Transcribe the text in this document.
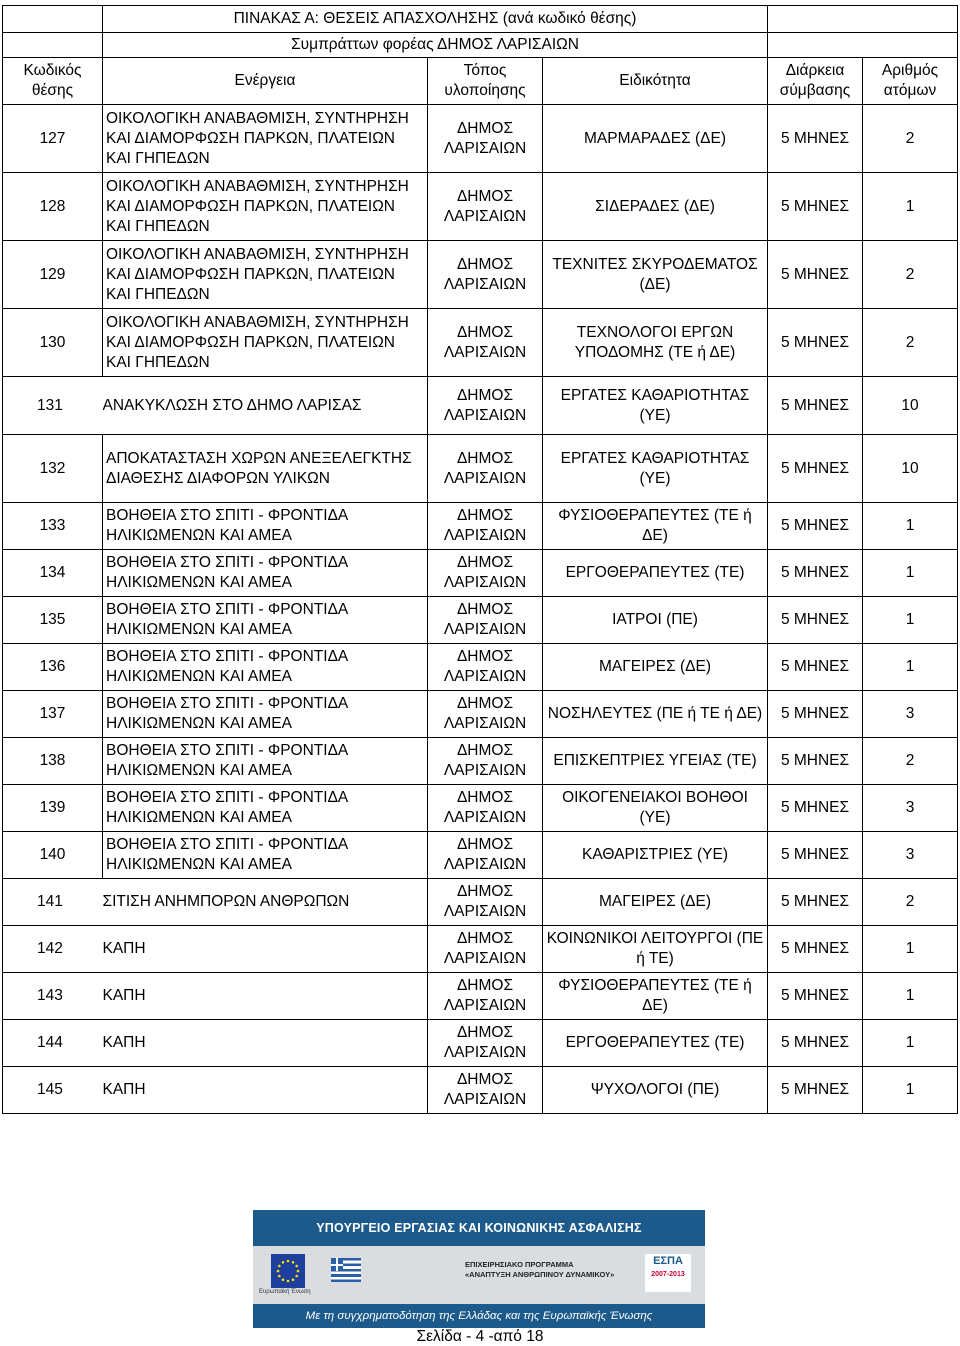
	ΠΙΝΑΚΑΣ Α: ΘΕΣΕΙΣ ΑΠΑΣΧΟΛΗΣΗΣ (ανά κωδικό θέσης)				
	Συμπράττων φορέας ΔΗΜΟΣ ΛΑΡΙΣΑΙΩΝ				
Κωδικός θέσης	Ενέργεια	Τόπος υλοποίησης	Ειδικότητα	Διάρκεια σύμβασης	Αριθμός ατόμων
127	ΟΙΚΟΛΟΓΙΚΗ ΑΝΑΒΑΘΜΙΣΗ, ΣΥΝΤΗΡΗΣΗ ΚΑΙ ΔΙΑΜΟΡΦΩΣΗ ΠΑΡΚΩΝ, ΠΛΑΤΕΙΩΝ ΚΑΙ ΓΗΠΕΔΩΝ	ΔΗΜΟΣ ΛΑΡΙΣΑΙΩΝ	ΜΑΡΜΑΡΑΔΕΣ (ΔΕ)	5 ΜΗΝΕΣ	2
128	ΟΙΚΟΛΟΓΙΚΗ ΑΝΑΒΑΘΜΙΣΗ, ΣΥΝΤΗΡΗΣΗ ΚΑΙ ΔΙΑΜΟΡΦΩΣΗ ΠΑΡΚΩΝ, ΠΛΑΤΕΙΩΝ ΚΑΙ ΓΗΠΕΔΩΝ	ΔΗΜΟΣ ΛΑΡΙΣΑΙΩΝ	ΣΙΔΕΡΑΔΕΣ (ΔΕ)	5 ΜΗΝΕΣ	1
129	ΟΙΚΟΛΟΓΙΚΗ ΑΝΑΒΑΘΜΙΣΗ, ΣΥΝΤΗΡΗΣΗ ΚΑΙ ΔΙΑΜΟΡΦΩΣΗ ΠΑΡΚΩΝ, ΠΛΑΤΕΙΩΝ ΚΑΙ ΓΗΠΕΔΩΝ	ΔΗΜΟΣ ΛΑΡΙΣΑΙΩΝ	ΤΕΧΝΙΤΕΣ ΣΚΥΡΟΔΕΜΑΤΟΣ (ΔΕ)	5 ΜΗΝΕΣ	2
130	ΟΙΚΟΛΟΓΙΚΗ ΑΝΑΒΑΘΜΙΣΗ, ΣΥΝΤΗΡΗΣΗ ΚΑΙ ΔΙΑΜΟΡΦΩΣΗ ΠΑΡΚΩΝ, ΠΛΑΤΕΙΩΝ ΚΑΙ ΓΗΠΕΔΩΝ	ΔΗΜΟΣ ΛΑΡΙΣΑΙΩΝ	ΤΕΧΝΟΛΟΓΟΙ ΕΡΓΩΝ ΥΠΟΔΟΜΗΣ (ΤΕ ή ΔΕ)	5 ΜΗΝΕΣ	2
131	ΑΝΑΚΥΚΛΩΣΗ ΣΤΟ ΔΗΜΟ ΛΑΡΙΣΑΣ	ΔΗΜΟΣ ΛΑΡΙΣΑΙΩΝ	ΕΡΓΑΤΕΣ ΚΑΘΑΡΙΟΤΗΤΑΣ (ΥΕ)	5 ΜΗΝΕΣ	10
132	ΑΠΟΚΑΤΑΣΤΑΣΗ ΧΩΡΩΝ ΑΝΕΞΕΛΕΓΚΤΗΣ ΔΙΑΘΕΣΗΣ ΔΙΑΦΟΡΩΝ ΥΛΙΚΩΝ	ΔΗΜΟΣ ΛΑΡΙΣΑΙΩΝ	ΕΡΓΑΤΕΣ ΚΑΘΑΡΙΟΤΗΤΑΣ (ΥΕ)	5 ΜΗΝΕΣ	10
133	ΒΟΗΘΕΙΑ ΣΤΟ ΣΠΙΤΙ - ΦΡΟΝΤΙΔΑ ΗΛΙΚΙΩΜΕΝΩΝ ΚΑΙ ΑΜΕΑ	ΔΗΜΟΣ ΛΑΡΙΣΑΙΩΝ	ΦΥΣΙΟΘΕΡΑΠΕΥΤΕΣ (ΤΕ ή ΔΕ)	5 ΜΗΝΕΣ	1
134	ΒΟΗΘΕΙΑ ΣΤΟ ΣΠΙΤΙ - ΦΡΟΝΤΙΔΑ ΗΛΙΚΙΩΜΕΝΩΝ ΚΑΙ ΑΜΕΑ	ΔΗΜΟΣ ΛΑΡΙΣΑΙΩΝ	ΕΡΓΟΘΕΡΑΠΕΥΤΕΣ (ΤΕ)	5 ΜΗΝΕΣ	1
135	ΒΟΗΘΕΙΑ ΣΤΟ ΣΠΙΤΙ - ΦΡΟΝΤΙΔΑ ΗΛΙΚΙΩΜΕΝΩΝ ΚΑΙ ΑΜΕΑ	ΔΗΜΟΣ ΛΑΡΙΣΑΙΩΝ	ΙΑΤΡΟΙ (ΠΕ)	5 ΜΗΝΕΣ	1
136	ΒΟΗΘΕΙΑ ΣΤΟ ΣΠΙΤΙ - ΦΡΟΝΤΙΔΑ ΗΛΙΚΙΩΜΕΝΩΝ ΚΑΙ ΑΜΕΑ	ΔΗΜΟΣ ΛΑΡΙΣΑΙΩΝ	ΜΑΓΕΙΡΕΣ (ΔΕ)	5 ΜΗΝΕΣ	1
137	ΒΟΗΘΕΙΑ ΣΤΟ ΣΠΙΤΙ - ΦΡΟΝΤΙΔΑ ΗΛΙΚΙΩΜΕΝΩΝ ΚΑΙ ΑΜΕΑ	ΔΗΜΟΣ ΛΑΡΙΣΑΙΩΝ	ΝΟΣΗΛΕΥΤΕΣ (ΠΕ ή ΤΕ ή ΔΕ)	5 ΜΗΝΕΣ	3
138	ΒΟΗΘΕΙΑ ΣΤΟ ΣΠΙΤΙ - ΦΡΟΝΤΙΔΑ ΗΛΙΚΙΩΜΕΝΩΝ ΚΑΙ ΑΜΕΑ	ΔΗΜΟΣ ΛΑΡΙΣΑΙΩΝ	ΕΠΙΣΚΕΠΤΡΙΕΣ ΥΓΕΙΑΣ (ΤΕ)	5 ΜΗΝΕΣ	2
139	ΒΟΗΘΕΙΑ ΣΤΟ ΣΠΙΤΙ - ΦΡΟΝΤΙΔΑ ΗΛΙΚΙΩΜΕΝΩΝ ΚΑΙ ΑΜΕΑ	ΔΗΜΟΣ ΛΑΡΙΣΑΙΩΝ	ΟΙΚΟΓΕΝΕΙΑΚΟΙ ΒΟΗΘΟΙ (ΥΕ)	5 ΜΗΝΕΣ	3
140	ΒΟΗΘΕΙΑ ΣΤΟ ΣΠΙΤΙ - ΦΡΟΝΤΙΔΑ ΗΛΙΚΙΩΜΕΝΩΝ ΚΑΙ ΑΜΕΑ	ΔΗΜΟΣ ΛΑΡΙΣΑΙΩΝ	ΚΑΘΑΡΙΣΤΡΙΕΣ (ΥΕ)	5 ΜΗΝΕΣ	3
141	ΣΙΤΙΣΗ ΑΝΗΜΠΟΡΩΝ ΑΝΘΡΩΠΩΝ	ΔΗΜΟΣ ΛΑΡΙΣΑΙΩΝ	ΜΑΓΕΙΡΕΣ (ΔΕ)	5 ΜΗΝΕΣ	2
142	ΚΑΠΗ	ΔΗΜΟΣ ΛΑΡΙΣΑΙΩΝ	ΚΟΙΝΩΝΙΚΟΙ ΛΕΙΤΟΥΡΓΟΙ (ΠΕ ή ΤΕ)	5 ΜΗΝΕΣ	1
143	ΚΑΠΗ	ΔΗΜΟΣ ΛΑΡΙΣΑΙΩΝ	ΦΥΣΙΟΘΕΡΑΠΕΥΤΕΣ (ΤΕ ή ΔΕ)	5 ΜΗΝΕΣ	1
144	ΚΑΠΗ	ΔΗΜΟΣ ΛΑΡΙΣΑΙΩΝ	ΕΡΓΟΘΕΡΑΠΕΥΤΕΣ (ΤΕ)	5 ΜΗΝΕΣ	1
145	ΚΑΠΗ	ΔΗΜΟΣ ΛΑΡΙΣΑΙΩΝ	ΨΥΧΟΛΟΓΟΙ (ΠΕ)	5 ΜΗΝΕΣ	1
ΥΠΟΥΡΓΕΙΟ ΕΡΓΑΣΙΑΣ ΚΑΙ ΚΟΙΝΩΝΙΚΗΣ ΑΣΦΑΛΙΣΗΣ
Ευρωπαϊκή Ένωση
ΕΠΙΧΕΙΡΗΣΙΑΚΟ ΠΡΟΓΡΑΜΜΑ «ΑΝΑΠΤΥΞΗ ΑΝΘΡΩΠΙΝΟΥ ΔΥΝΑΜΙΚΟΥ»
ΕΣΠΑ
2007-2013
Με τη συγχρηματοδότηση της Ελλάδας και της Ευρωπαϊκής Ένωσης
Σελίδα - 4 -από 18
